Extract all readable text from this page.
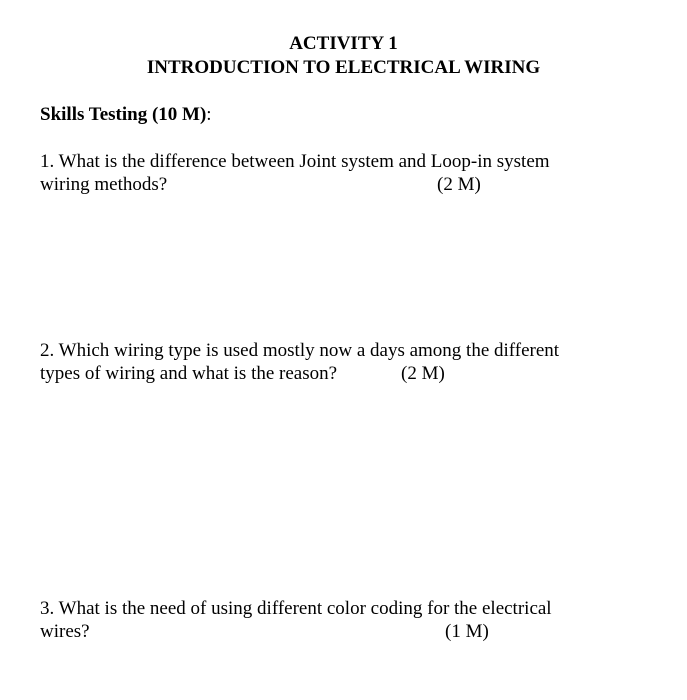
ACTIVITY 1
INTRODUCTION TO ELECTRICAL WIRING

Skills Testing (10 M):

1. What is the difference between Joint system and Loop-in system
wiring methods?	(2 M)
2. Which wiring type is used mostly now a days among the different
types of wiring and what is the reason?	(2 M)
3. What is the need of using different color coding for the electrical
wires?	(1 M)
